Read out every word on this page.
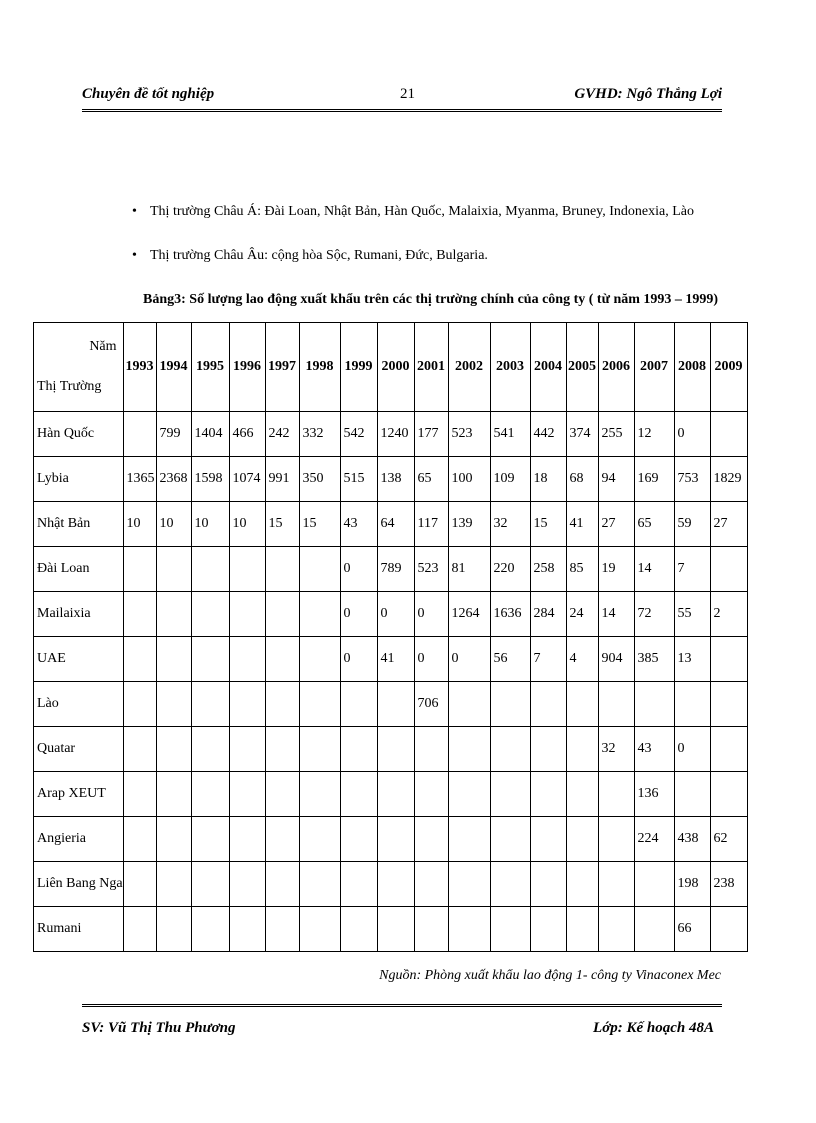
Chuyên đề tốt nghiệp	21	GVHD: Ngô Thắng Lợi
• Thị trường Châu Á: Đài Loan, Nhật Bản, Hàn Quốc, Malaixia, Myanma, Bruney, Indonexia, Lào
• Thị trường Châu Âu: cộng hòa Sộc, Rumani, Đức, Bulgaria.
Bảng3: Số lượng lao động xuất khẩu trên các thị trường chính của công ty ( từ năm 1993 – 1999)
Năm
Thị Trường	1993	1994	1995	1996	1997	1998	1999	2000	2001	2002	2003	2004	2005	2006	2007	2008	2009
Hàn Quốc		799	1404	466	242	332	542	1240	177	523	541	442	374	255	12	0	
Lybia	1365	2368	1598	1074	991	350	515	138	65	100	109	18	68	94	169	753	1829
Nhật Bản	10	10	10	10	15	15	43	64	117	139	32	15	41	27	65	59	27
Đài Loan							0	789	523	81	220	258	85	19	14	7	
Mailaixia							0	0	0	1264	1636	284	24	14	72	55	2
UAE							0	41	0	0	56	7	4	904	385	13	
Lào									706								
Quatar														32	43	0	
Arap XEUT															136		
Angieria															224	438	62
Liên Bang Nga																198	238
Rumani																66	
Nguồn: Phòng xuất khẩu lao động 1- công ty Vinaconex Mec
SV: Vũ Thị Thu Phương	Lớp: Kế hoạch 48A
